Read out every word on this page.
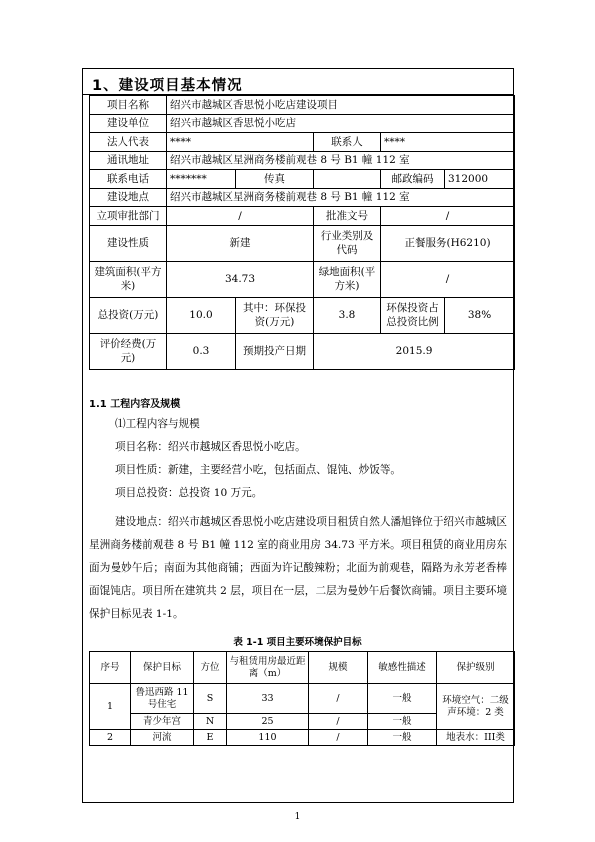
1、建设项目基本情况
项目名称	绍兴市越城区香思悦小吃店建设项目				
建设单位	绍兴市越城区香思悦小吃店				
法人代表	****		联系人	****	
通讯地址	绍兴市越城区星洲商务楼前观巷 8 号 B1 幢 112 室				
联系电话	*******	传真		邮政编码	312000
建设地点	绍兴市越城区星洲商务楼前观巷 8 号 B1 幢 112 室				
立项审批部门	/		批准文号	/	
建设性质	新建		行业类别及代码	正餐服务(H6210)	
建筑面积(平方米)	34.73		绿地面积(平方米)	/	
总投资(万元)	10.0	其中：环保投资(万元)	3.8	环保投资占总投资比例	38%
评价经费(万元)	0.3	预期投产日期	2015.9		
1.1 工程内容及规模
⑴工程内容与规模
项目名称：绍兴市越城区香思悦小吃店。
项目性质：新建，主要经营小吃，包括面点、馄饨、炒饭等。
项目总投资：总投资 10 万元。
建设地点：绍兴市越城区香思悦小吃店建设项目租赁自然人潘旭锋位于绍兴市越城区星洲商务楼前观巷 8 号 B1 幢 112 室的商业用房 34.73 平方米。项目租赁的商业用房东面为曼妙午后；南面为其他商铺；西面为许记酸辣粉；北面为前观巷，隔路为永芳老香棒面馄饨店。项目所在建筑共 2 层，项目在一层，二层为曼妙午后餐饮商铺。项目主要环境保护目标见表 1-1。
表 1-1 项目主要环境保护目标
序号	保护目标	方位	与租赁用房最近距离（m）	规模	敏感性描述	保护级别
1	鲁迅西路 11 号住宅	S	33	/	一般	环境空气：二级 声环境：2 类
	青少年宫	N	25	/	一般	
2	河流	E	110	/	一般	地表水：III类
1
